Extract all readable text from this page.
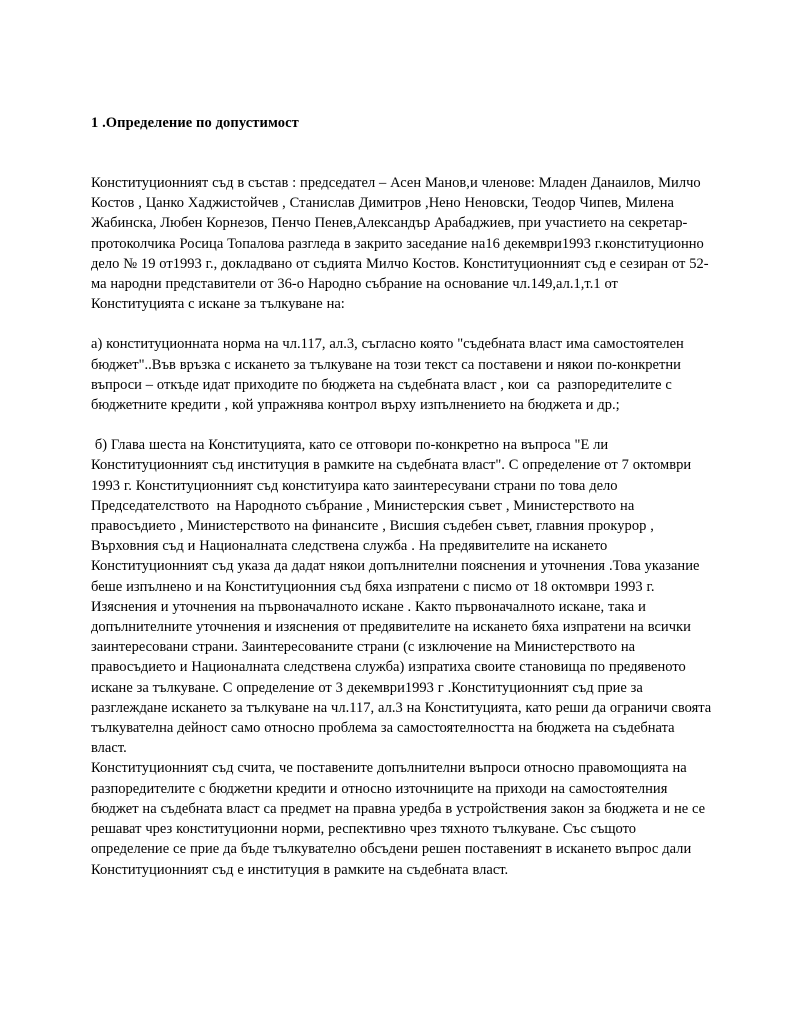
1 .Определение по допустимост

Конституционният съд в състав : председател – Асен Манов,и членове: Младен Данаилов, Милчо Костов , Цанко Хаджистойчев , Станислав Димитров ,Нено Неновски, Теодор Чипев, Милена Жабинска, Любен Корнезов, Пенчо Пенев,Александър Арабаджиев, при участието на секретар-протоколчика Росица Топалова разгледа в закрито заседание на16 декември1993 г.конституционно дело № 19 от1993 г., докладвано от съдията Милчо Костов. Конституционният съд е сезиран от 52-ма народни представители от 36-о Народно събрание на основание чл.149,ал.1,т.1 от Конституцията с искане за тълкуване на:

а) конституционната норма на чл.117, ал.3, съгласно която "съдебната власт има самостоятелен бюджет"..Във връзка с искането за тълкуване на този текст са поставени и някои по-конкретни въпроси – откъде идат приходите по бюджета на съдебната власт , кои  са  разпоредителите с бюджетните кредити , кой упражнява контрол върху изпълнението на бюджета и др.;

б) Глава шеста на Конституцията, като се отговори по-конкретно на въпроса "Е ли Конституционният съд институция в рамките на съдебната власт". С определение от 7 октомври 1993 г. Конституционният съд конституира като заинтересувани страни по това дело Председателството  на Народното събрание , Министерския съвет , Министерството на правосъдието , Министерството на финансите , Висшия съдебен съвет, главния прокурор , Върховния съд и Националната следствена служба . На предявителите на искането Конституционният съд указа да дадат някои допълнителни пояснения и уточнения .Това указание  беше изпълнено и на Конституционния съд бяха изпратени с писмо от 18 октомври 1993 г. Изяснения и уточнения на първоначалното искане . Както първоначалното искане, така и допълнителните уточнения и изяснения от предявителите на искането бяха изпратени на всички заинтересовани страни. Заинтересованите страни (с изключение на Министерството на правосъдието и Националната следствена служба) изпратиха своите становища по предявеното искане за тълкуване. С определение от 3 декември1993 г .Конституционният съд прие за разглеждане искането за тълкуване на чл.117, ал.3 на Конституцията, като реши да ограничи своята тълкувателна дейност само относно проблема за самостоятелността на бюджета на съдебната власт.

Конституционният съд счита, че поставените допълнителни въпроси относно правомощията на разпоредителите с бюджетни кредити и относно източниците на приходи на самостоятелния бюджет на съдебната власт са предмет на правна уредба в устройствения закон за бюджета и не се решават чрез конституционни норми, респективно чрез тяхното тълкуване. Със същото определение се прие да бъде тълкувателно обсъдени решен поставеният в искането въпрос дали Конституционният съд е институция в рамките на съдебната власт.
